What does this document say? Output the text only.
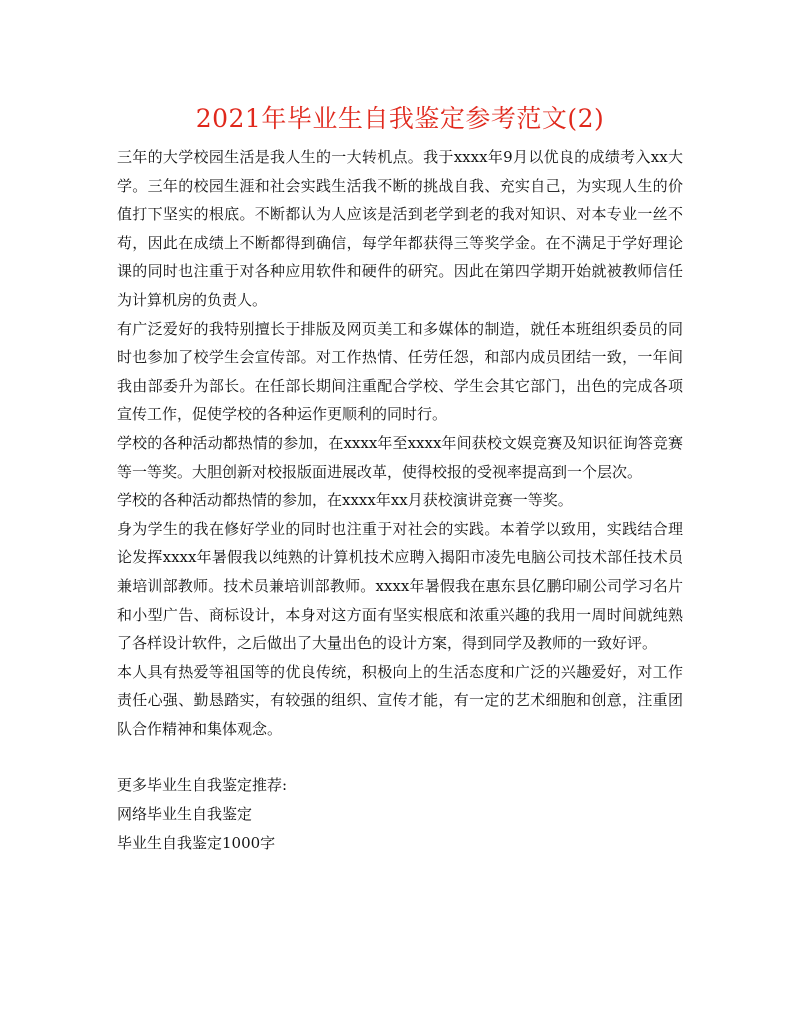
2021年毕业生自我鉴定参考范文(2)

三年的大学校园生活是我人生的一大转机点。我于xxxx年9月以优良的成绩考入xx大学。三年的校园生涯和社会实践生活我不断的挑战自我、充实自己，为实现人生的价值打下坚实的根底。不断都认为人应该是活到老学到老的我对知识、对本专业一丝不苟，因此在成绩上不断都得到确信，每学年都获得三等奖学金。在不满足于学好理论课的同时也注重于对各种应用软件和硬件的研究。因此在第四学期开始就被教师信任为计算机房的负责人。

有广泛爱好的我特别擅长于排版及网页美工和多媒体的制造，就任本班组织委员的同时也参加了校学生会宣传部。对工作热情、任劳任怨，和部内成员团结一致，一年间我由部委升为部长。在任部长期间注重配合学校、学生会其它部门，出色的完成各项宣传工作，促使学校的各种运作更顺利的同时行。

学校的各种活动都热情的参加，在xxxx年至xxxx年间获校文娱竞赛及知识征询答竞赛等一等奖。大胆创新对校报版面进展改革，使得校报的受视率提高到一个层次。

学校的各种活动都热情的参加，在xxxx年xx月获校演讲竞赛一等奖。

身为学生的我在修好学业的同时也注重于对社会的实践。本着学以致用，实践结合理论发挥xxxx年暑假我以纯熟的计算机技术应聘入揭阳市凌先电脑公司技术部任技术员兼培训部教师。技术员兼培训部教师。xxxx年暑假我在惠东县亿鹏印刷公司学习名片和小型广告、商标设计，本身对这方面有坚实根底和浓重兴趣的我用一周时间就纯熟了各样设计软件，之后做出了大量出色的设计方案，得到同学及教师的一致好评。

本人具有热爱等祖国等的优良传统，积极向上的生活态度和广泛的兴趣爱好，对工作责任心强、勤恳踏实，有较强的组织、宣传才能，有一定的艺术细胞和创意，注重团队合作精神和集体观念。

更多毕业生自我鉴定推荐:

网络毕业生自我鉴定

毕业生自我鉴定1000字
